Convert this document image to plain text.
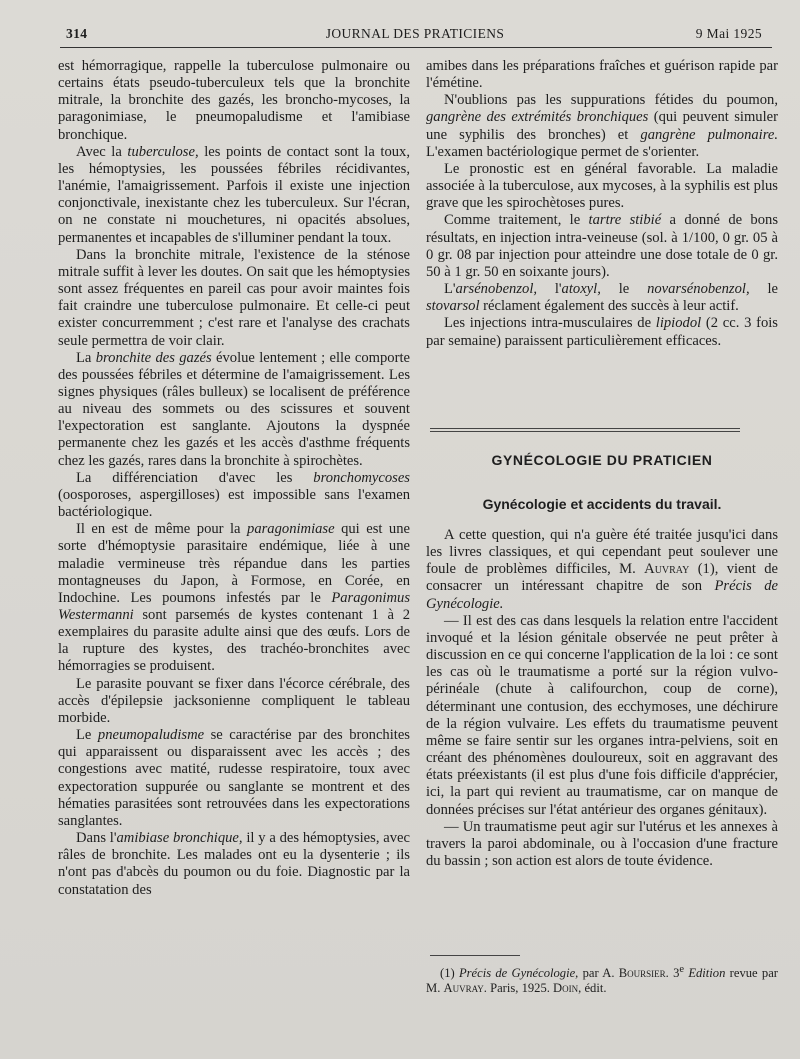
314	JOURNAL DES PRATICIENS	9 Mai 1925

est hémorragique, rappelle la tuberculose pulmonaire ou certains états pseudo-tuberculeux tels que la bronchite mitrale, la bronchite des gazés, les broncho-mycoses, la paragonimiase, le pneumopaludisme et l'amibiase bronchique.

Avec la tuberculose, les points de contact sont la toux, les hémoptysies, les poussées fébriles récidivantes, l'anémie, l'amaigrissement. Parfois il existe une injection conjonctivale, inexistante chez les tuberculeux. Sur l'écran, on ne constate ni mouchetures, ni opacités absolues, permanentes et incapables de s'illuminer pendant la toux.

Dans la bronchite mitrale, l'existence de la sténose mitrale suffit à lever les doutes. On sait que les hémoptysies sont assez fréquentes en pareil cas pour avoir maintes fois fait craindre une tuberculose pulmonaire. Et celle-ci peut exister concurremment ; c'est rare et l'analyse des crachats seule permettra de voir clair.

La bronchite des gazés évolue lentement ; elle comporte des poussées fébriles et détermine de l'amaigrissement. Les signes physiques (râles bulleux) se localisent de préférence au niveau des sommets ou des scissures et souvent l'expectoration est sanglante. Ajoutons la dyspnée permanente chez les gazés et les accès d'asthme fréquents chez les gazés, rares dans la bronchite à spirochètes.

La différenciation d'avec les bronchomycoses (oosporoses, aspergilloses) est impossible sans l'examen bactériologique.

Il en est de même pour la paragonimiase qui est une sorte d'hémoptysie parasitaire endémique, liée à une maladie vermineuse très répandue dans les parties montagneuses du Japon, à Formose, en Corée, en Indochine. Les poumons infestés par le Paragonimus Westermanni sont parsemés de kystes contenant 1 à 2 exemplaires du parasite adulte ainsi que des œufs. Lors de la rupture des kystes, des trachéo-bronchites avec hémorragies se produisent.

Le parasite pouvant se fixer dans l'écorce cérébrale, des accès d'épilepsie jacksonienne compliquent le tableau morbide.

Le pneumopaludisme se caractérise par des bronchites qui apparaissent ou disparaissent avec les accès ; des congestions avec matité, rudesse respiratoire, toux avec expectoration suppurée ou sanglante se montrent et des hématies parasitées sont retrouvées dans les expectorations sanglantes.

Dans l'amibiase bronchique, il y a des hémoptysies, avec râles de bronchite. Les malades ont eu la dysenterie ; ils n'ont pas d'abcès du poumon ou du foie. Diagnostic par la constatation des

amibes dans les préparations fraîches et guérison rapide par l'émétine.

N'oublions pas les suppurations fétides du poumon, gangrène des extrémités bronchiques (qui peuvent simuler une syphilis des bronches) et gangrène pulmonaire. L'examen bactériologique permet de s'orienter.

Le pronostic est en général favorable. La maladie associée à la tuberculose, aux mycoses, à la syphilis est plus grave que les spirochètoses pures.

Comme traitement, le tartre stibié a donné de bons résultats, en injection intra-veineuse (sol. à 1/100, 0 gr. 05 à 0 gr. 08 par injection pour atteindre une dose totale de 0 gr. 50 à 1 gr. 50 en soixante jours).

L'arsénobenzol, l'atoxyl, le novarsénobenzol, le stovarsol réclament également des succès à leur actif.

Les injections intra-musculaires de lipiodol (2 cc. 3 fois par semaine) paraissent particulièrement efficaces.

GYNÉCOLOGIE DU PRATICIEN
Gynécologie et accidents du travail.

A cette question, qui n'a guère été traitée jusqu'ici dans les livres classiques, et qui cependant peut soulever une foule de problèmes difficiles, M. Auvray (1), vient de consacrer un intéressant chapitre de son Précis de Gynécologie.

— Il est des cas dans lesquels la relation entre l'accident invoqué et la lésion génitale observée ne peut prêter à discussion en ce qui concerne l'application de la loi : ce sont les cas où le traumatisme a porté sur la région vulvo-périnéale (chute à califourchon, coup de corne), déterminant une contusion, des ecchymoses, une déchirure de la région vulvaire. Les effets du traumatisme peuvent même se faire sentir sur les organes intra-pelviens, soit en créant des phénomènes douloureux, soit en aggravant des états préexistants (il est plus d'une fois difficile d'apprécier, ici, la part qui revient au traumatisme, car on manque de données précises sur l'état antérieur des organes génitaux).

— Un traumatisme peut agir sur l'utérus et les annexes à travers la paroi abdominale, ou à l'occasion d'une fracture du bassin ; son action est alors de toute évidence.

(1) Précis de Gynécologie, par A. Boursier. 3e Edition revue par M. Auvray. Paris, 1925. Doin, édit.
